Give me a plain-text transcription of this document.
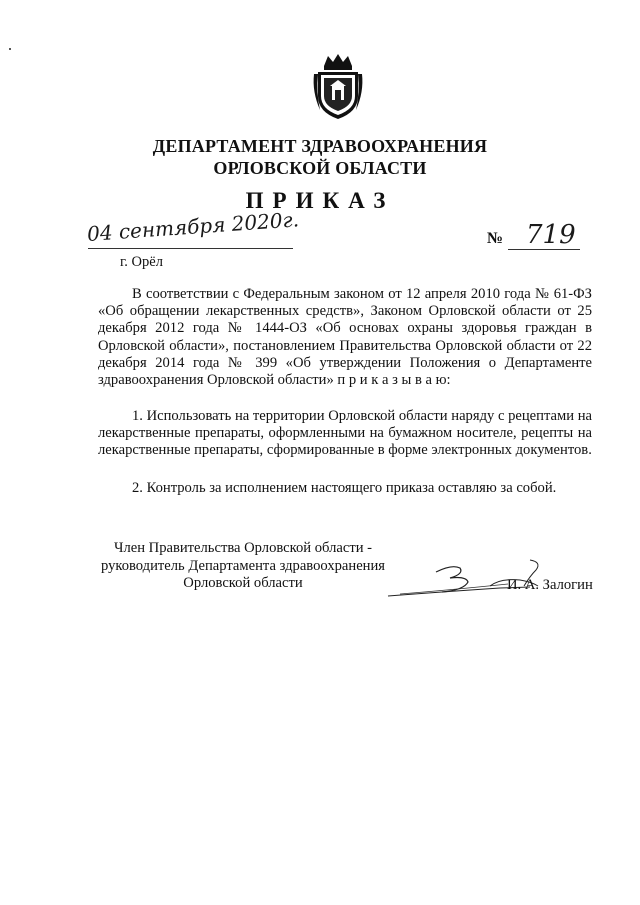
ДЕПАРТАМЕНТ ЗДРАВООХРАНЕНИЯ
ОРЛОВСКОЙ ОБЛАСТИ
ПРИКАЗ
04 сентября 2020г.
г. Орёл
№ 719
В соответствии с Федеральным законом от 12 апреля 2010 года № 61-ФЗ «Об обращении лекарственных средств», Законом Орловской области от 25 декабря 2012 года № 1444-ОЗ «Об основах охраны здоровья граждан в Орловской области», постановлением Правительства Орловской области от 22 декабря 2014 года № 399 «Об утверждении Положения о Департаменте здравоохранения Орловской области» п р и к а з ы в а ю:
1. Использовать на территории Орловской области наряду с рецептами на лекарственные препараты, оформленными на бумажном носителе, рецепты на лекарственные препараты, сформированные в форме электронных документов.
2. Контроль за исполнением настоящего приказа оставляю за собой.
Член Правительства Орловской области -
руководитель Департамента здравоохранения
Орловской области	И. А. Залогин
